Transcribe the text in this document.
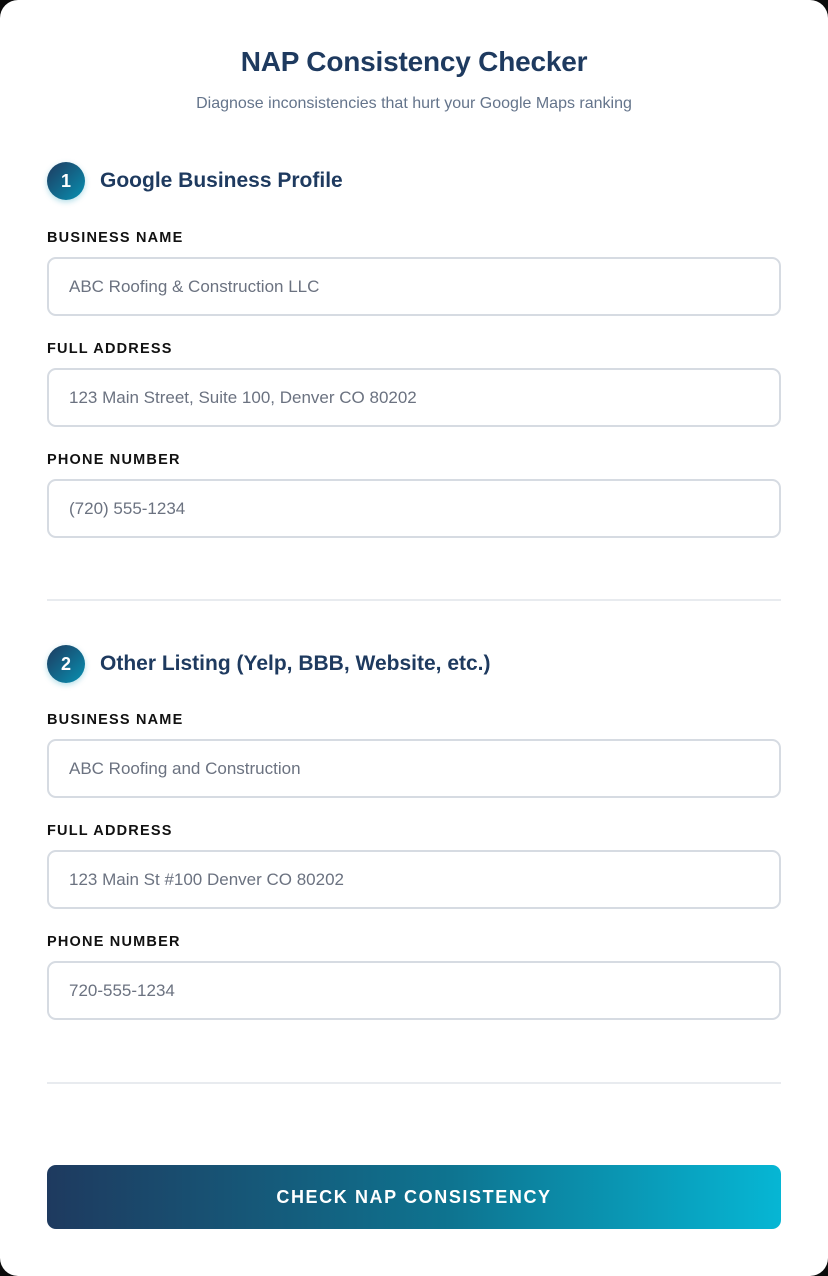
NAP Consistency Checker

Diagnose inconsistencies that hurt your Google Maps ranking

1	Google Business Profile
BUSINESS NAME
ABC Roofing & Construction LLC
FULL ADDRESS
123 Main Street, Suite 100, Denver CO 80202
PHONE NUMBER
(720) 555-1234
2	Other Listing (Yelp, BBB, Website, etc.)
BUSINESS NAME
ABC Roofing and Construction
FULL ADDRESS
123 Main St #100 Denver CO 80202
PHONE NUMBER
720-555-1234
CHECK NAP CONSISTENCY
